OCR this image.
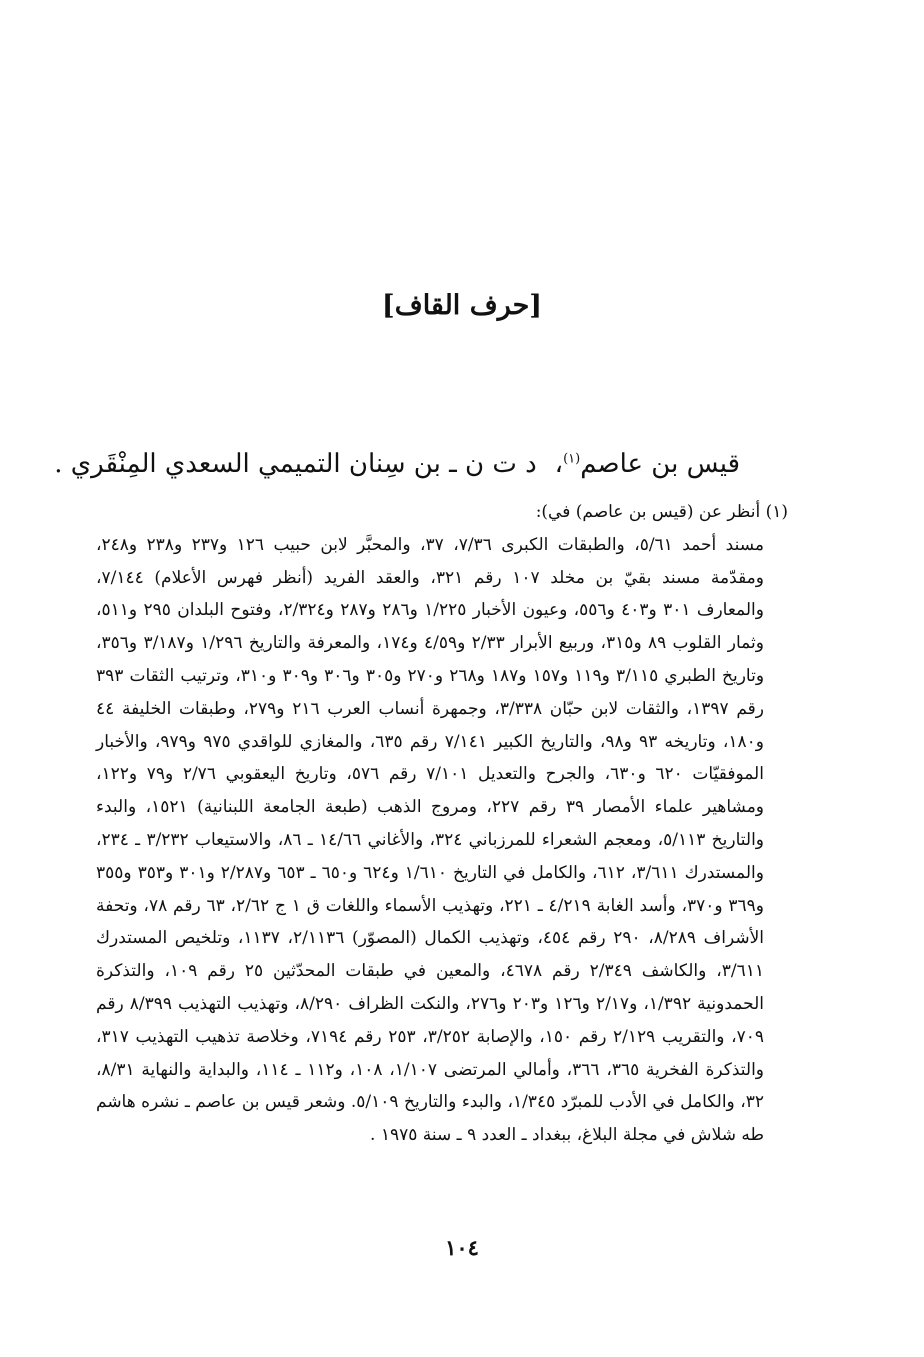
[حرف القاف]
قيس بن عاصم$^{(١)}$،د ت ن ـ بن سِنان التميمي السعدي المِنْقَري .
(١) أنظر عن (قيس بن عاصم) في):
مسند أحمد ٥/٦١، والطبقات الكبرى ٧/٣٦، ٣٧، والمحبَّر لابن حبيب ١٢٦ و٢٣٧ و٢٣٨ و٢٤٨، ومقدّمة مسند بقيّ بن مخلد ١٠٧ رقم ٣٢١، والعقد الفريد (أنظر فهرس الأعلام) ٧/١٤٤، والمعارف ٣٠١ و٤٠٣ و٥٥٦، وعيون الأخبار ١/٢٢٥ و٢٨٦ و٢٨٧ و٢/٣٢٤، وفتوح البلدان ٢٩٥ و٥١١، وثمار القلوب ٨٩ و٣١٥، وربيع الأبرار ٢/٣٣ و٤/٥٩ و١٧٤، والمعرفة والتاريخ ١/٢٩٦ و٣/١٨٧ و٣٥٦، وتاريخ الطبري ٣/١١٥ و١١٩ و١٥٧ و١٨٧ و٢٦٨ و٢٧٠ و٣٠٥ و٣٠٦ و٣٠٩ و٣١٠، وترتيب الثقات ٣٩٣ رقم ١٣٩٧، والثقات لابن حبّان ٣/٣٣٨، وجمهرة أنساب العرب ٢١٦ و٢٧٩، وطبقات الخليفة ٤٤ و١٨٠، وتاريخه ٩٣ و٩٨، والتاريخ الكبير ٧/١٤١ رقم ٦٣٥، والمغازي للواقدي ٩٧٥ و٩٧٩، والأخبار الموفقيّات ٦٢٠ و٦٣٠، والجرح والتعديل ٧/١٠١ رقم ٥٧٦، وتاريخ اليعقوبي ٢/٧٦ و٧٩ و١٢٢، ومشاهير علماء الأمصار ٣٩ رقم ٢٢٧، ومروج الذهب (طبعة الجامعة اللبنانية) ١٥٢١، والبدء والتاريخ ٥/١١٣، ومعجم الشعراء للمرزباني ٣٢٤، والأغاني ١٤/٦٦ ـ ٨٦، والاستيعاب ٣/٢٣٢ ـ ٢٣٤، والمستدرك ٣/٦١١، ٦١٢، والكامل في التاريخ ١/٦١٠ و٦٢٤ و٦٥٠ ـ ٦٥٣ و٢/٢٨٧ و٣٠١ و٣٥٣ و٣٥٥ و٣٦٩ و٣٧٠، وأسد الغابة ٤/٢١٩ ـ ٢٢١، وتهذيب الأسماء واللغات ق ١ ج ٢/٦٢، ٦٣ رقم ٧٨، وتحفة الأشراف ٨/٢٨٩، ٢٩٠ رقم ٤٥٤، وتهذيب الكمال (المصوّر) ٢/١١٣٦، ١١٣٧، وتلخيص المستدرك ٣/٦١١، والكاشف ٢/٣٤٩ رقم ٤٦٧٨، والمعين في طبقات المحدّثين ٢٥ رقم ١٠٩، والتذكرة الحمدونية ١/٣٩٢، و٢/١٧ و١٢٦ و٢٠٣ و٢٧٦، والنكت الظراف ٨/٢٩٠، وتهذيب التهذيب ٨/٣٩٩ رقم ٧٠٩، والتقريب ٢/١٢٩ رقم ١٥٠، والإصابة ٣/٢٥٢، ٢٥٣ رقم ٧١٩٤، وخلاصة تذهيب التهذيب ٣١٧، والتذكرة الفخرية ٣٦٥، ٣٦٦، وأمالي المرتضى ١/١٠٧، ١٠٨، و١١٢ ـ ١١٤، والبداية والنهاية ٨/٣١، ٣٢، والكامل في الأدب للمبرّد ١/٣٤٥، والبدء والتاريخ ٥/١٠٩. وشعر قيس بن عاصم ـ نشره هاشم طه شلاش في مجلة البلاغ، ببغداد ـ العدد ٩ ـ سنة ١٩٧٥ .
١٠٤
